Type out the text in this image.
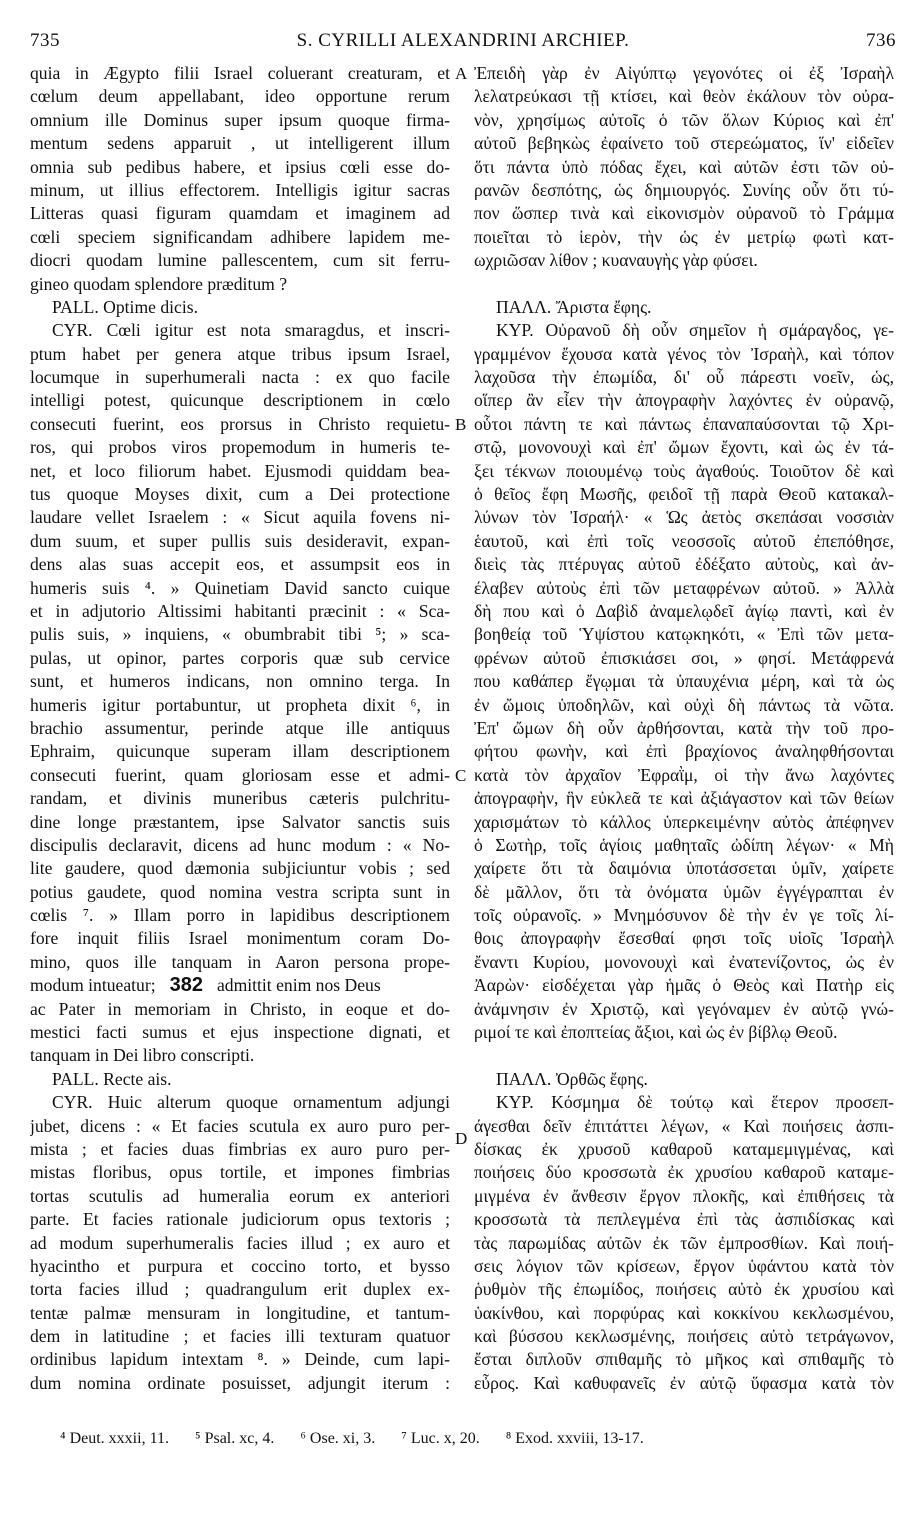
735	S. CYRILLI ALEXANDRINI ARCHIEP.	736
quia in Ægypto filii Israel coluerant creaturam, et
cœlum deum appellabant, ideo opportune rerum
omnium ille Dominus super ipsum quoque firma-
mentum sedens apparuit , ut intelligerent illum
omnia sub pedibus habere, et ipsius cœli esse do-
minum, ut illius effectorem. Intelligis igitur sacras
Litteras quasi figuram quamdam et imaginem ad
cœli speciem significandam adhibere lapidem me-
diocri quodam lumine pallescentem, cum sit ferru-
gineo quodam splendore præditum ?
PALL. Optime dicis.
CYR. Cœli igitur est nota smaragdus, et inscri-
ptum habet per genera atque tribus ipsum Israel,
locumque in superhumerali nacta : ex quo facile
intelligi potest, quicunque descriptionem in cœlo
consecuti fuerint, eos prorsus in Christo requietu-
ros, qui probos viros propemodum in humeris te-
net, et loco filiorum habet. Ejusmodi quiddam bea-
tus quoque Moyses dixit, cum a Dei protectione
laudare vellet Israelem : « Sicut aquila fovens ni-
dum suum, et super pullis suis desideravit, expan-
dens alas suas accepit eos, et assumpsit eos in
humeris suis ⁴. » Quinetiam David sancto cuique
et in adjutorio Altissimi habitanti præcinit : « Sca-
pulis suis, » inquiens, « obumbrabit tibi ⁵; » sca-
pulas, ut opinor, partes corporis quæ sub cervice
sunt, et humeros indicans, non omnino terga. In
humeris igitur portabuntur, ut propheta dixit ⁶, in
brachio assumentur, perinde atque ille antiquus
Ephraim, quicunque superam illam descriptionem
consecuti fuerint, quam gloriosam esse et admi-
randam, et divinis muneribus cæteris pulchritu-
dine longe præstantem, ipse Salvator sanctis suis
discipulis declaravit, dicens ad hunc modum : « No-
lite gaudere, quod dæmonia subjiciuntur vobis ; sed
potius gaudete, quod nomina vestra scripta sunt in
cœlis ⁷. » Illam porro in lapidibus descriptionem
fore inquit filiis Israel monimentum coram Do-
mino, quos ille tanquam in Aaron persona prope-
modum intueatur; 382 admittit enim nos Deus
ac Pater in memoriam in Christo, in eoque et do-
mestici facti sumus et ejus inspectione dignati, et
tanquam in Dei libro conscripti.
PALL. Recte ais.
CYR. Huic alterum quoque ornamentum adjungi
jubet, dicens : « Et facies scutula ex auro puro per-
mista ; et facies duas fimbrias ex auro puro per-
mistas floribus, opus tortile, et impones fimbrias
tortas scutulis ad humeralia eorum ex anteriori
parte. Et facies rationale judiciorum opus textoris ;
ad modum superhumeralis facies illud ; ex auro et
hyacintho et purpura et coccino torto, et bysso
torta facies illud ; quadrangulum erit duplex ex-
tentæ palmæ mensuram in longitudine, et tantum-
dem in latitudine ; et facies illi texturam quatuor
ordinibus lapidum intextam ⁸. » Deinde, cum lapi-
dum nomina ordinate posuisset, adjungit iterum :
Ἐπειδὴ γὰρ ἐν Αἰγύπτῳ γεγονότες οἱ ἐξ Ἰσραὴλ
λελατρεύκασι τῇ κτίσει, καὶ θεὸν ἐκάλουν τὸν οὐρα-
νὸν, χρησίμως αὐτοῖς ὁ τῶν ὅλων Κύριος καὶ ἐπ'
αὐτοῦ βεβηκὼς ἐφαίνετο τοῦ στερεώματος, ἵν' εἰδεῖεν
ὅτι πάντα ὑπὸ πόδας ἔχει, καὶ αὐτῶν ἐστι τῶν οὐ-
ρανῶν δεσπότης, ὡς δημιουργός. Συνίης οὖν ὅτι τύ-
πον ὥσπερ τινὰ καὶ εἰκονισμὸν οὐρανοῦ τὸ Γράμμα
ποιεῖται τὸ ἱερὸν, τὴν ὡς ἐν μετρίῳ φωτὶ κατ-
ωχριῶσαν λίθον ; κυαναυγὴς γὰρ φύσει.
ΠΑΛΛ. Ἄριστα ἔφης.
ΚΥΡ. Οὐρανοῦ δὴ οὖν σημεῖον ἡ σμάραγδος, γε-
γραμμένον ἔχουσα κατὰ γένος τὸν Ἰσραὴλ, καὶ τόπον
λαχοῦσα τὴν ἐπωμίδα, δι' οὗ πάρεστι νοεῖν, ὡς,
οἵπερ ἂν εἶεν τὴν ἀπογραφὴν λαχόντες ἐν οὐρανῷ,
οὗτοι πάντη τε καὶ πάντως ἐπαναπαύσονται τῷ Χρι-
στῷ, μονονουχὶ καὶ ἐπ' ὤμων ἔχοντι, καὶ ὡς ἐν τά-
ξει τέκνων ποιουμένῳ τοὺς ἀγαθούς. Τοιοῦτον δὲ καὶ
ὁ θεῖος ἔφη Μωσῆς, φειδοῖ τῇ παρὰ Θεοῦ κατακαλ-
λύνων τὸν Ἰσραήλ· « Ὡς ἀετὸς σκεπάσαι νοσσιὰν
ἑαυτοῦ, καὶ ἐπὶ τοῖς νεοσσοῖς αὐτοῦ ἐπεπόθησε,
διεὶς τὰς πτέρυγας αὐτοῦ ἐδέξατο αὐτοὺς, καὶ ἀν-
έλαβεν αὐτοὺς ἐπὶ τῶν μεταφρένων αὐτοῦ. » Ἀλλὰ
δὴ που καὶ ὁ Δαβὶδ ἀναμελῳδεῖ ἁγίῳ παντὶ, καὶ ἐν
βοηθείᾳ τοῦ Ὑψίστου κατῳκηκότι, « Ἐπὶ τῶν μετα-
φρένων αὐτοῦ ἐπισκιάσει σοι, » φησί. Μετάφρενά
που καθάπερ ἔγῳμαι τὰ ὑπαυχένια μέρη, καὶ τὰ ὡς
ἐν ὤμοις ὑποδηλῶν, καὶ οὐχὶ δὴ πάντως τὰ νῶτα.
Ἐπ' ὤμων δὴ οὖν ἀρθήσονται, κατὰ τὴν τοῦ προ-
φήτου φωνὴν, καὶ ἐπὶ βραχίονος ἀναληφθήσονται
κατὰ τὸν ἀρχαῖον Ἐφραῒμ, οἱ τὴν ἄνω λαχόντες
ἀπογραφὴν, ἣν εὐκλεᾶ τε καὶ ἀξιάγαστον καὶ τῶν θείων
χαρισμάτων τὸ κάλλος ὑπερκειμένην αὐτὸς ἀπέφηνεν
ὁ Σωτὴρ, τοῖς ἁγίοις μαθηταῖς ὠδίπη λέγων· « Μὴ
χαίρετε ὅτι τὰ δαιμόνια ὑποτάσσεται ὑμῖν, χαίρετε
δὲ μᾶλλον, ὅτι τὰ ὀνόματα ὑμῶν ἐγγέγραπται ἐν
τοῖς οὐρανοῖς. » Μνημόσυνον δὲ τὴν ἐν γε τοῖς λί-
θοις ἀπογραφὴν ἔσεσθαί φησι τοῖς υἱοῖς Ἰσραὴλ
ἔναντι Κυρίου, μονονουχὶ καὶ ἐνατενίζοντος, ὡς ἐν
Ἀαρὼν· εἰσδέχεται γὰρ ἡμᾶς ὁ Θεὸς καὶ Πατὴρ εἰς
ἀνάμνησιν ἐν Χριστῷ, καὶ γεγόναμεν ἐν αὐτῷ γνώ-
ριμοί τε καὶ ἐποπτείας ἄξιοι, καὶ ὡς ἐν βίβλῳ Θεοῦ.
ΠΑΛΛ. Ὀρθῶς ἔφης.
ΚΥΡ. Κόσμημα δὲ τούτῳ καὶ ἕτερον προσεπ-
άγεσθαι δεῖν ἐπιτάττει λέγων, « Καὶ ποιήσεις ἀσπι-
δίσκας ἐκ χρυσοῦ καθαροῦ καταμεμιγμένας, καὶ
ποιήσεις δύο κροσσωτὰ ἐκ χρυσίου καθαροῦ καταμε-
μιγμένα ἐν ἄνθεσιν ἔργον πλοκῆς, καὶ ἐπιθήσεις τὰ
κροσσωτὰ τὰ πεπλεγμένα ἐπὶ τὰς ἀσπιδίσκας καὶ
τὰς παρωμίδας αὐτῶν ἐκ τῶν ἐμπροσθίων. Καὶ ποιή-
σεις λόγιον τῶν κρίσεων, ἔργον ὑφάντου κατὰ τὸν
ῥυθμὸν τῆς ἐπωμίδος, ποιήσεις αὐτὸ ἐκ χρυσίου καὶ
ὑακίνθου, καὶ πορφύρας καὶ κοκκίνου κεκλωσμένου,
καὶ βύσσου κεκλωσμένης, ποιήσεις αὐτὸ τετράγωνον,
ἔσται διπλοῦν σπιθαμῆς τὸ μῆκος καὶ σπιθαμῆς τὸ
εὖρος. Καὶ καθυφανεῖς ἐν αὐτῷ ὕφασμα κατὰ τὸν
A
B
C
D
⁴ Deut. xxxii, 11. ⁵ Psal. xc, 4. ⁶ Ose. xi, 3. ⁷ Luc. x, 20. ⁸ Exod. xxviii, 13-17.
